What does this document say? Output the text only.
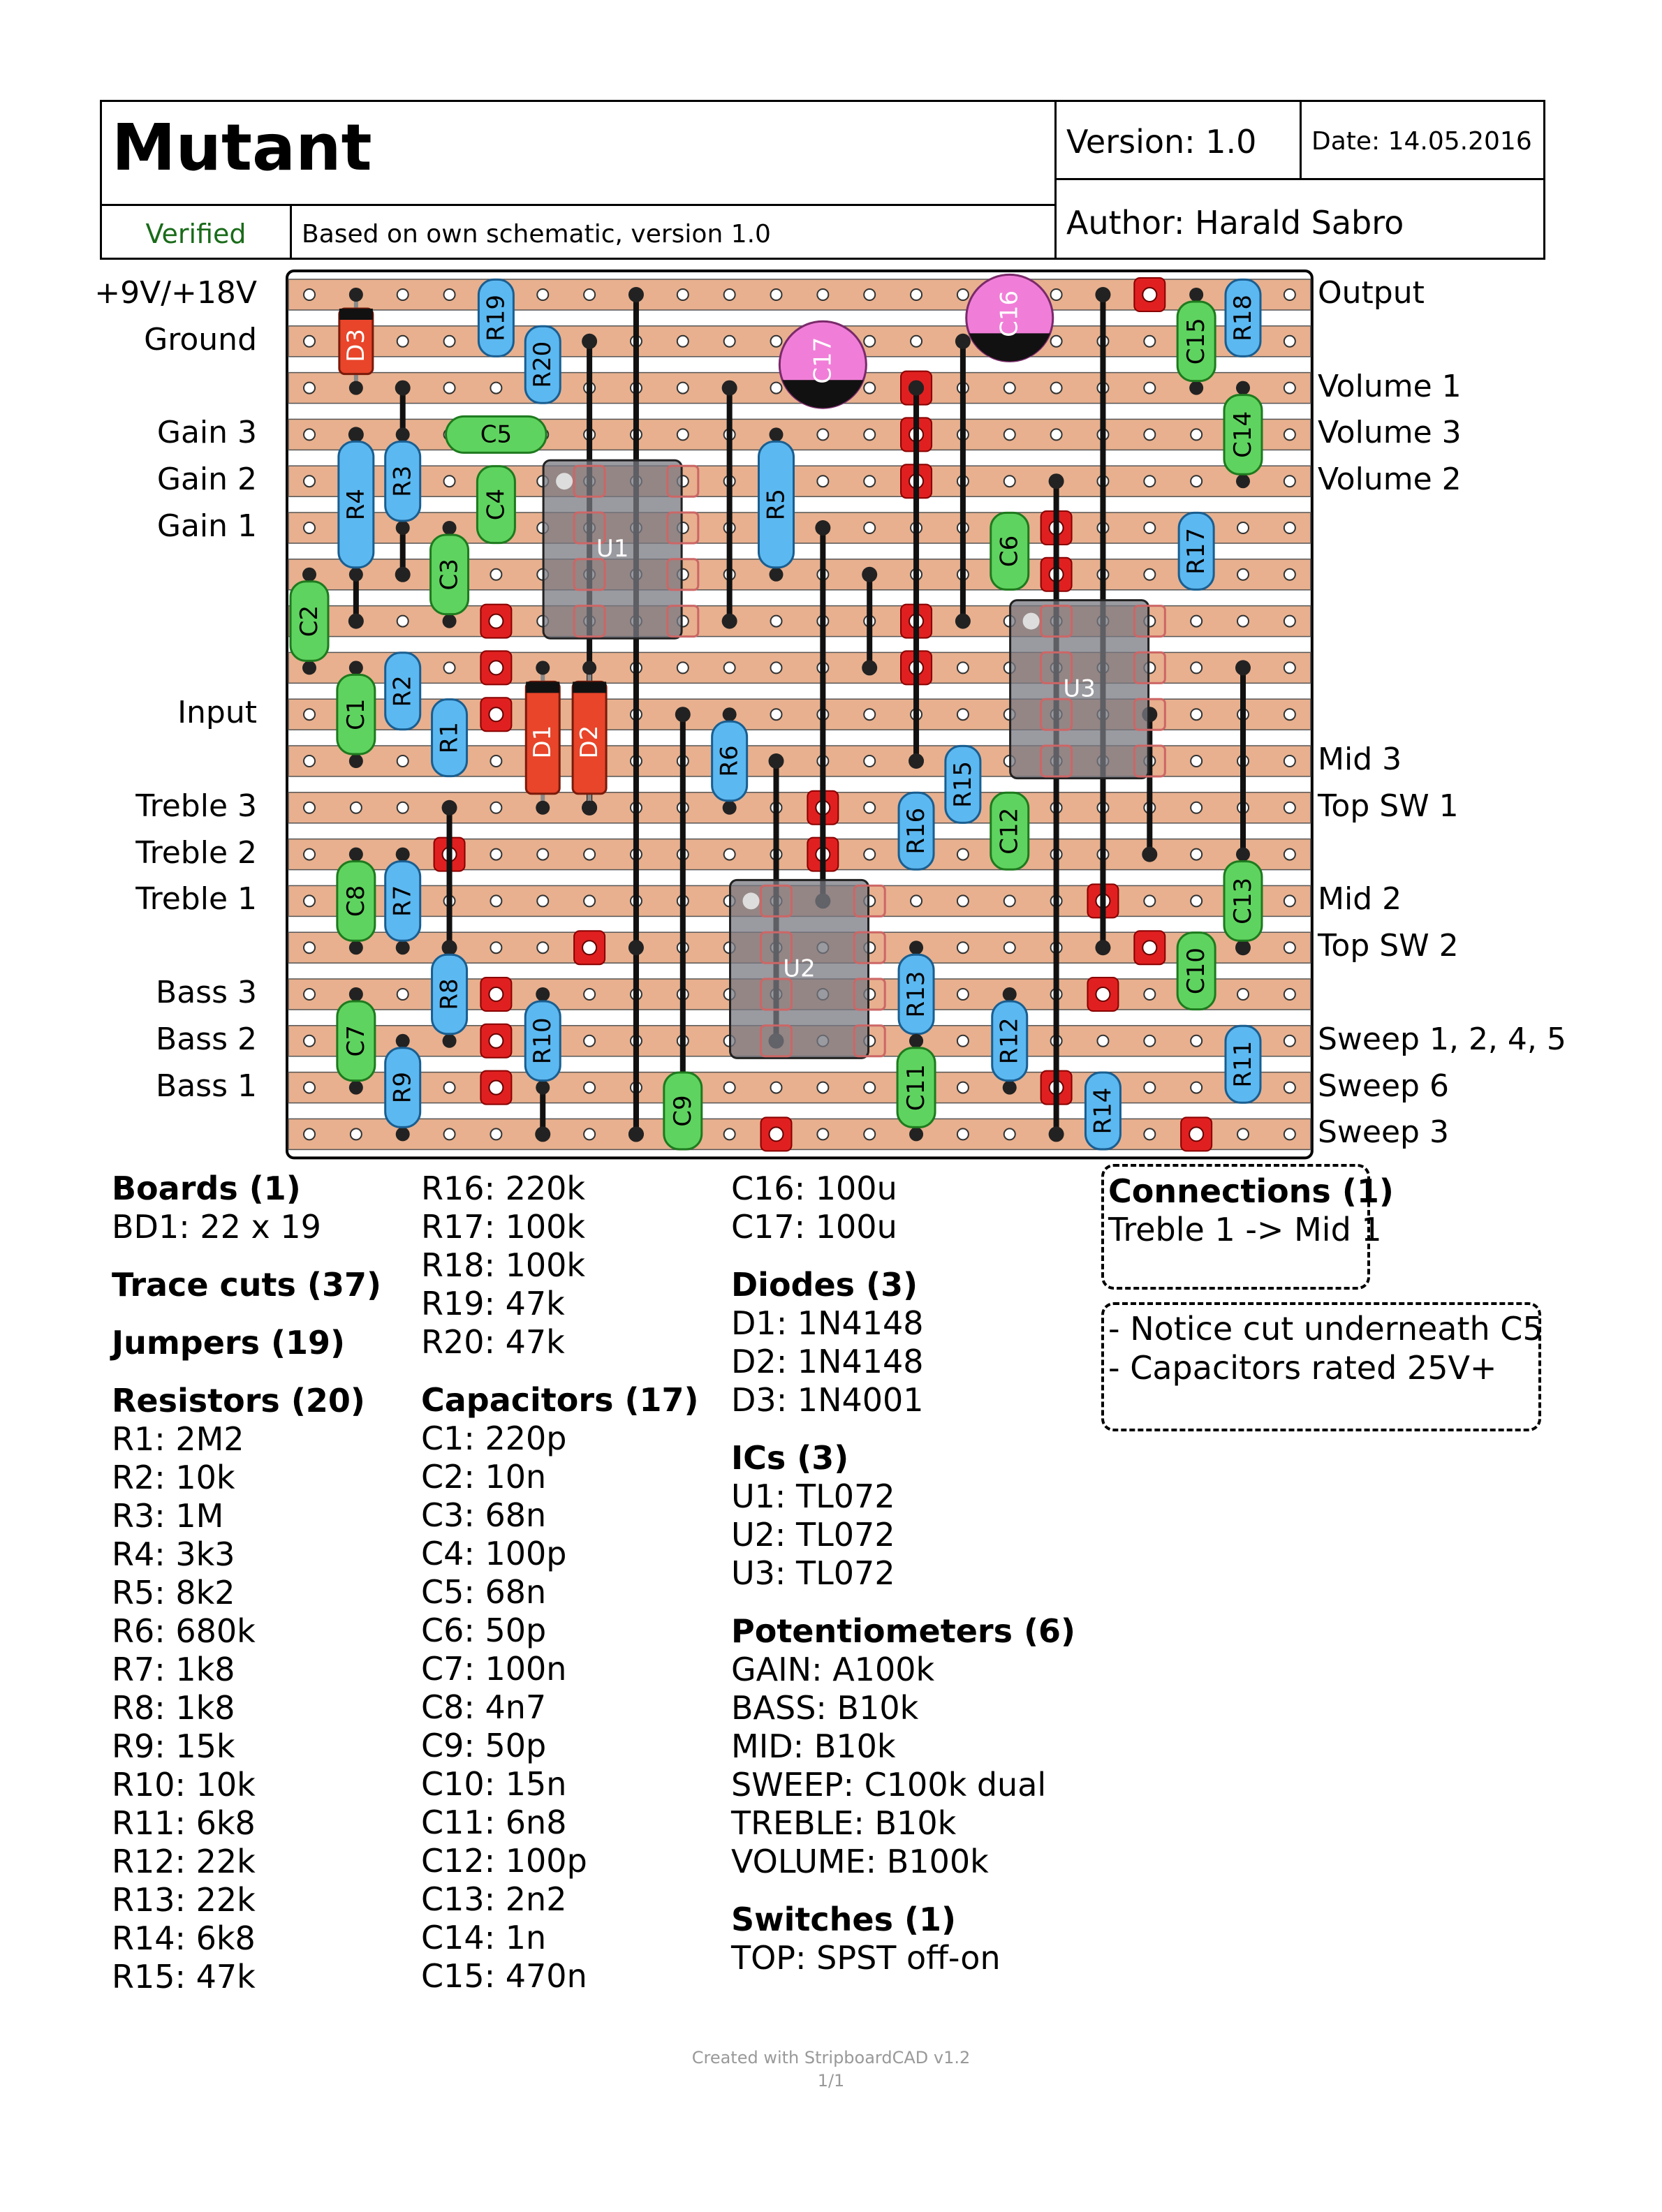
Mutant	Version: 1.0 Date: 14.05.2016
Author: Harald Sabro
Verified	Based on own schematic, version 1.0
U1
U2
U3
R1
R2
R3
R4	R5
R6
R7
R8
R9
R10	R11
R12
R13
R14
R15
R16
R17
R18
R19
R20
C1
C2
C3
C4
C6
C7
C8
C9
C10
C11
C12
C13
C14
C15
C5
D1 D2
D3
C16
C17
+9V/+18V
Ground
Gain 3
Gain 2
Gain 1
Input
Treble 3
Treble 2
Treble 1
Bass 3
Bass 2
Bass 1
Output
Volume 1
Volume 3
Volume 2
Mid 3
Top SW 1
Mid 2
Top SW 2
Sweep 1, 2, 4, 5
Sweep 6
Sweep 3
Boards (1)
BD1: 22 x 19
Trace cuts (37)
Jumpers (19)
Resistors (20)
R1: 2M2
R2: 10k
R3: 1M
R4: 3k3
R5: 8k2
R6: 680k
R7: 1k8
R8: 1k8
R9: 15k
R10: 10k
R11: 6k8
R12: 22k
R13: 22k
R14: 6k8
R15: 47k
R16: 220k
R17: 100k
R18: 100k
R19: 47k
R20: 47k
Capacitors (17)
C1: 220p
C2: 10n
C3: 68n
C4: 100p
C5: 68n
C6: 50p
C7: 100n
C8: 4n7
C9: 50p
C10: 15n
C11: 6n8
C12: 100p
C13: 2n2
C14: 1n
C15: 470n
C16: 100u
C17: 100u
Diodes (3)
D1: 1N4148
D2: 1N4148
D3: 1N4001
ICs (3)
U1: TL072
U2: TL072
U3: TL072
Potentiometers (6)
GAIN: A100k
BASS: B10k
MID: B10k
SWEEP: C100k dual
TREBLE: B10k
VOLUME: B100k
Switches (1)
TOP: SPST off-on
Connections (1)
Treble 1 -> Mid 1
- Notice cut underneath C5
- Capacitors rated 25V+
Created with StripboardCAD v1.2
1/1
